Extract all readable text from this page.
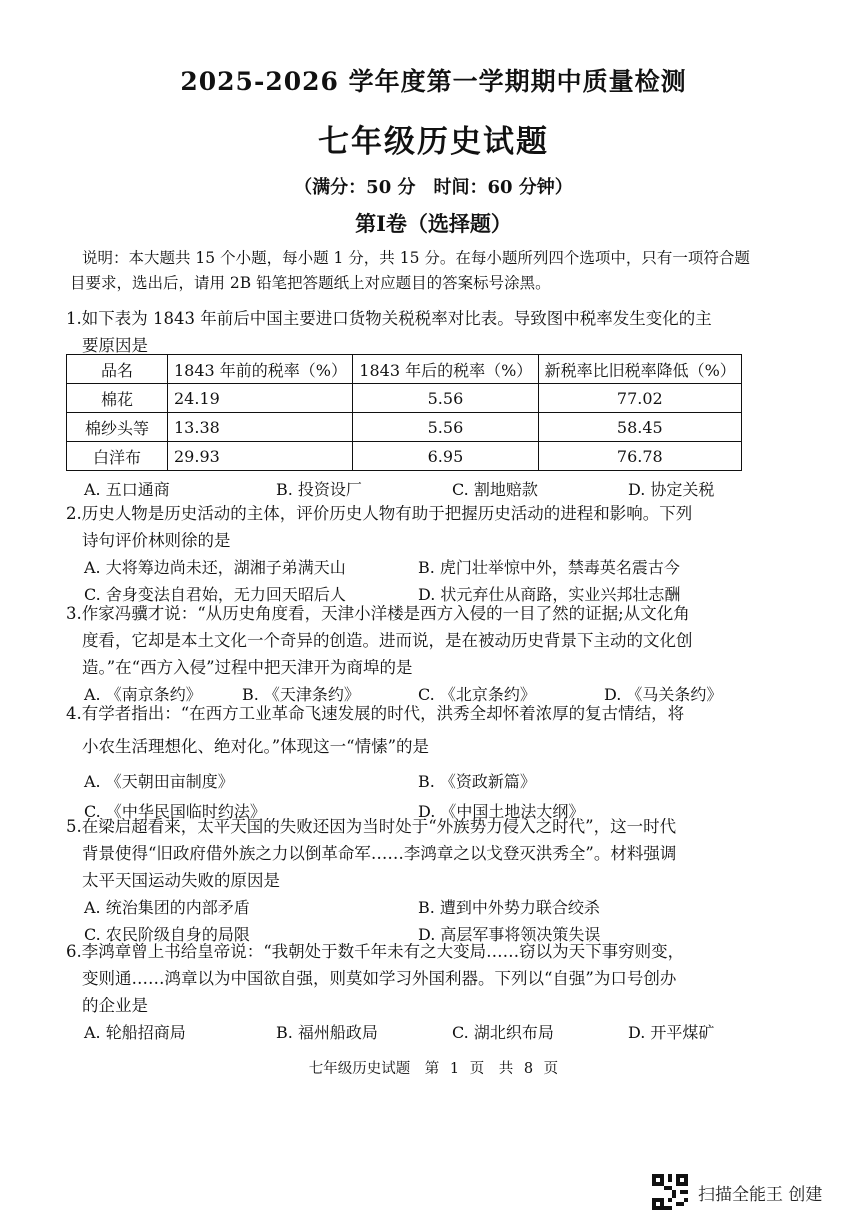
2025-2026 学年度第一学期期中质量检测
七年级历史试题
（满分：50 分　时间：60 分钟）
第Ⅰ卷（选择题）
说明：本大题共 15 个小题，每小题 1 分，共 15 分。在每小题所列四个选项中，只有一项符合题目要求，选出后，请用 2B 铅笔把答题纸上对应题目的答案标号涂黑。

1.如下表为 1843 年前后中国主要进口货物关税税率对比表。导致图中税率发生变化的主

要原因是

品名	1843 年前的税率（%）	1843 年后的税率（%）	新税率比旧税率降低（%）
棉花	24.19	5.56	77.02
棉纱头等	13.38	5.56	58.45
白洋布	29.93	6.95	76.78
A. 五口通商	B. 投资设厂	C. 割地赔款	D. 协定关税

2.历史人物是历史活动的主体，评价历史人物有助于把握历史活动的进程和影响。下列

诗句评价林则徐的是

A. 大将筹边尚未还，湖湘子弟满天山	B. 虎门壮举惊中外，禁毒英名震古今
C. 舍身变法自君始，无力回天昭后人	D. 状元弃仕从商路，实业兴邦壮志酬

3.作家冯骥才说：“从历史角度看，天津小洋楼是西方入侵的一目了然的证据;从文化角

度看，它却是本土文化一个奇异的创造。进而说，是在被动历史背景下主动的文化创

造。”在“西方入侵”过程中把天津开为商埠的是

A. 《南京条约》	B. 《天津条约》	C. 《北京条约》	D. 《马关条约》

4.有学者指出：“在西方工业革命飞速发展的时代，洪秀全却怀着浓厚的复古情结，将

小农生活理想化、绝对化。”体现这一“情愫”的是

A. 《天朝田亩制度》	B. 《资政新篇》
C. 《中华民国临时约法》	D. 《中国土地法大纲》

5.在梁启超看来，太平天国的失败还因为当时处于“外族势力侵入之时代”，这一时代

背景使得“旧政府借外族之力以倒革命军……李鸿章之以戈登灭洪秀全”。材料强调

太平天国运动失败的原因是

A. 统治集团的内部矛盾	B. 遭到中外势力联合绞杀
C. 农民阶级自身的局限	D. 高层军事将领决策失误

6.李鸿章曾上书给皇帝说：“我朝处于数千年未有之大变局……窃以为天下事穷则变，

变则通……鸿章以为中国欲自强，则莫如学习外国利器。下列以“自强”为口号创办

的企业是

A. 轮船招商局	B. 福州船政局	C. 湖北织布局	D. 开平煤矿
七年级历史试题　第 1 页　共 8 页
扫描全能王 创建
